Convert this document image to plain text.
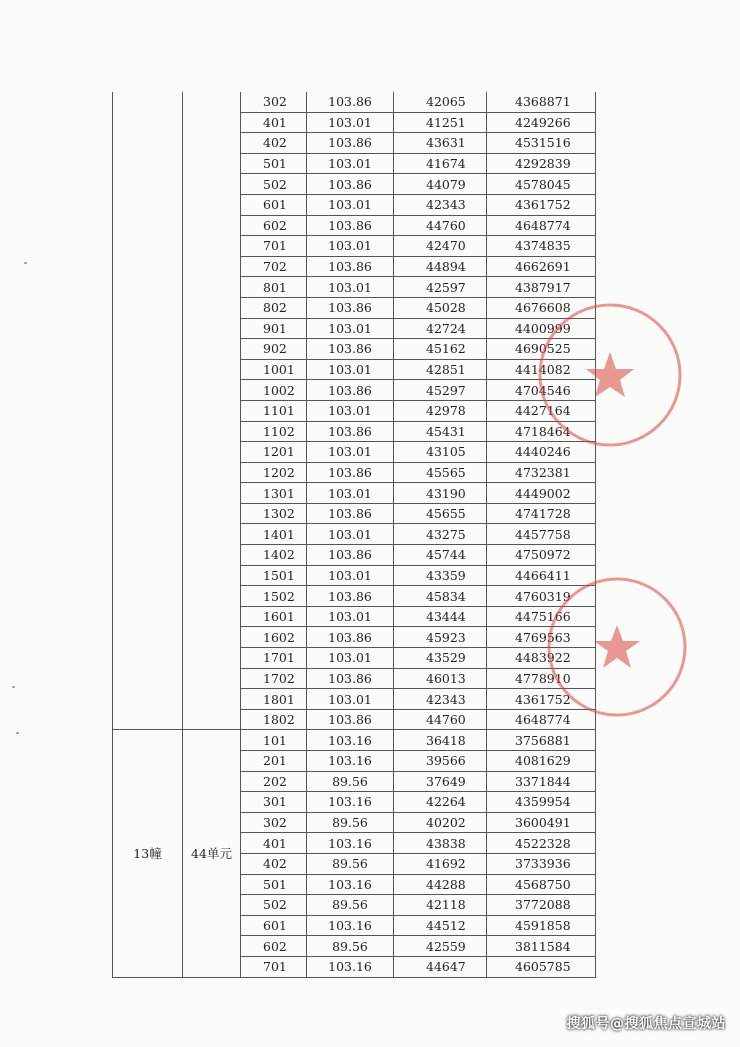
		302	103.86	42065	4368871
		401	103.01	41251	4249266
		402	103.86	43631	4531516
		501	103.01	41674	4292839
		502	103.86	44079	4578045
		601	103.01	42343	4361752
		602	103.86	44760	4648774
		701	103.01	42470	4374835
		702	103.86	44894	4662691
		801	103.01	42597	4387917
		802	103.86	45028	4676608
		901	103.01	42724	4400999
		902	103.86	45162	4690525
		1001	103.01	42851	4414082
		1002	103.86	45297	4704546
		1101	103.01	42978	4427164
		1102	103.86	45431	4718464
		1201	103.01	43105	4440246
		1202	103.86	45565	4732381
		1301	103.01	43190	4449002
		1302	103.86	45655	4741728
		1401	103.01	43275	4457758
		1402	103.86	45744	4750972
		1501	103.01	43359	4466411
		1502	103.86	45834	4760319
		1601	103.01	43444	4475166
		1602	103.86	45923	4769563
		1701	103.01	43529	4483922
		1702	103.86	46013	4778910
		1801	103.01	42343	4361752
		1802	103.86	44760	4648774
13幢	44单元	101	103.16	36418	3756881
		201	103.16	39566	4081629
		202	89.56	37649	3371844
		301	103.16	42264	4359954
		302	89.56	40202	3600491
		401	103.16	43838	4522328
		402	89.56	41692	3733936
		501	103.16	44288	4568750
		502	89.56	42118	3772088
		601	103.16	44512	4591858
		602	89.56	42559	3811584
		701	103.16	44647	4605785
搜狐号@搜狐焦点宣城站
